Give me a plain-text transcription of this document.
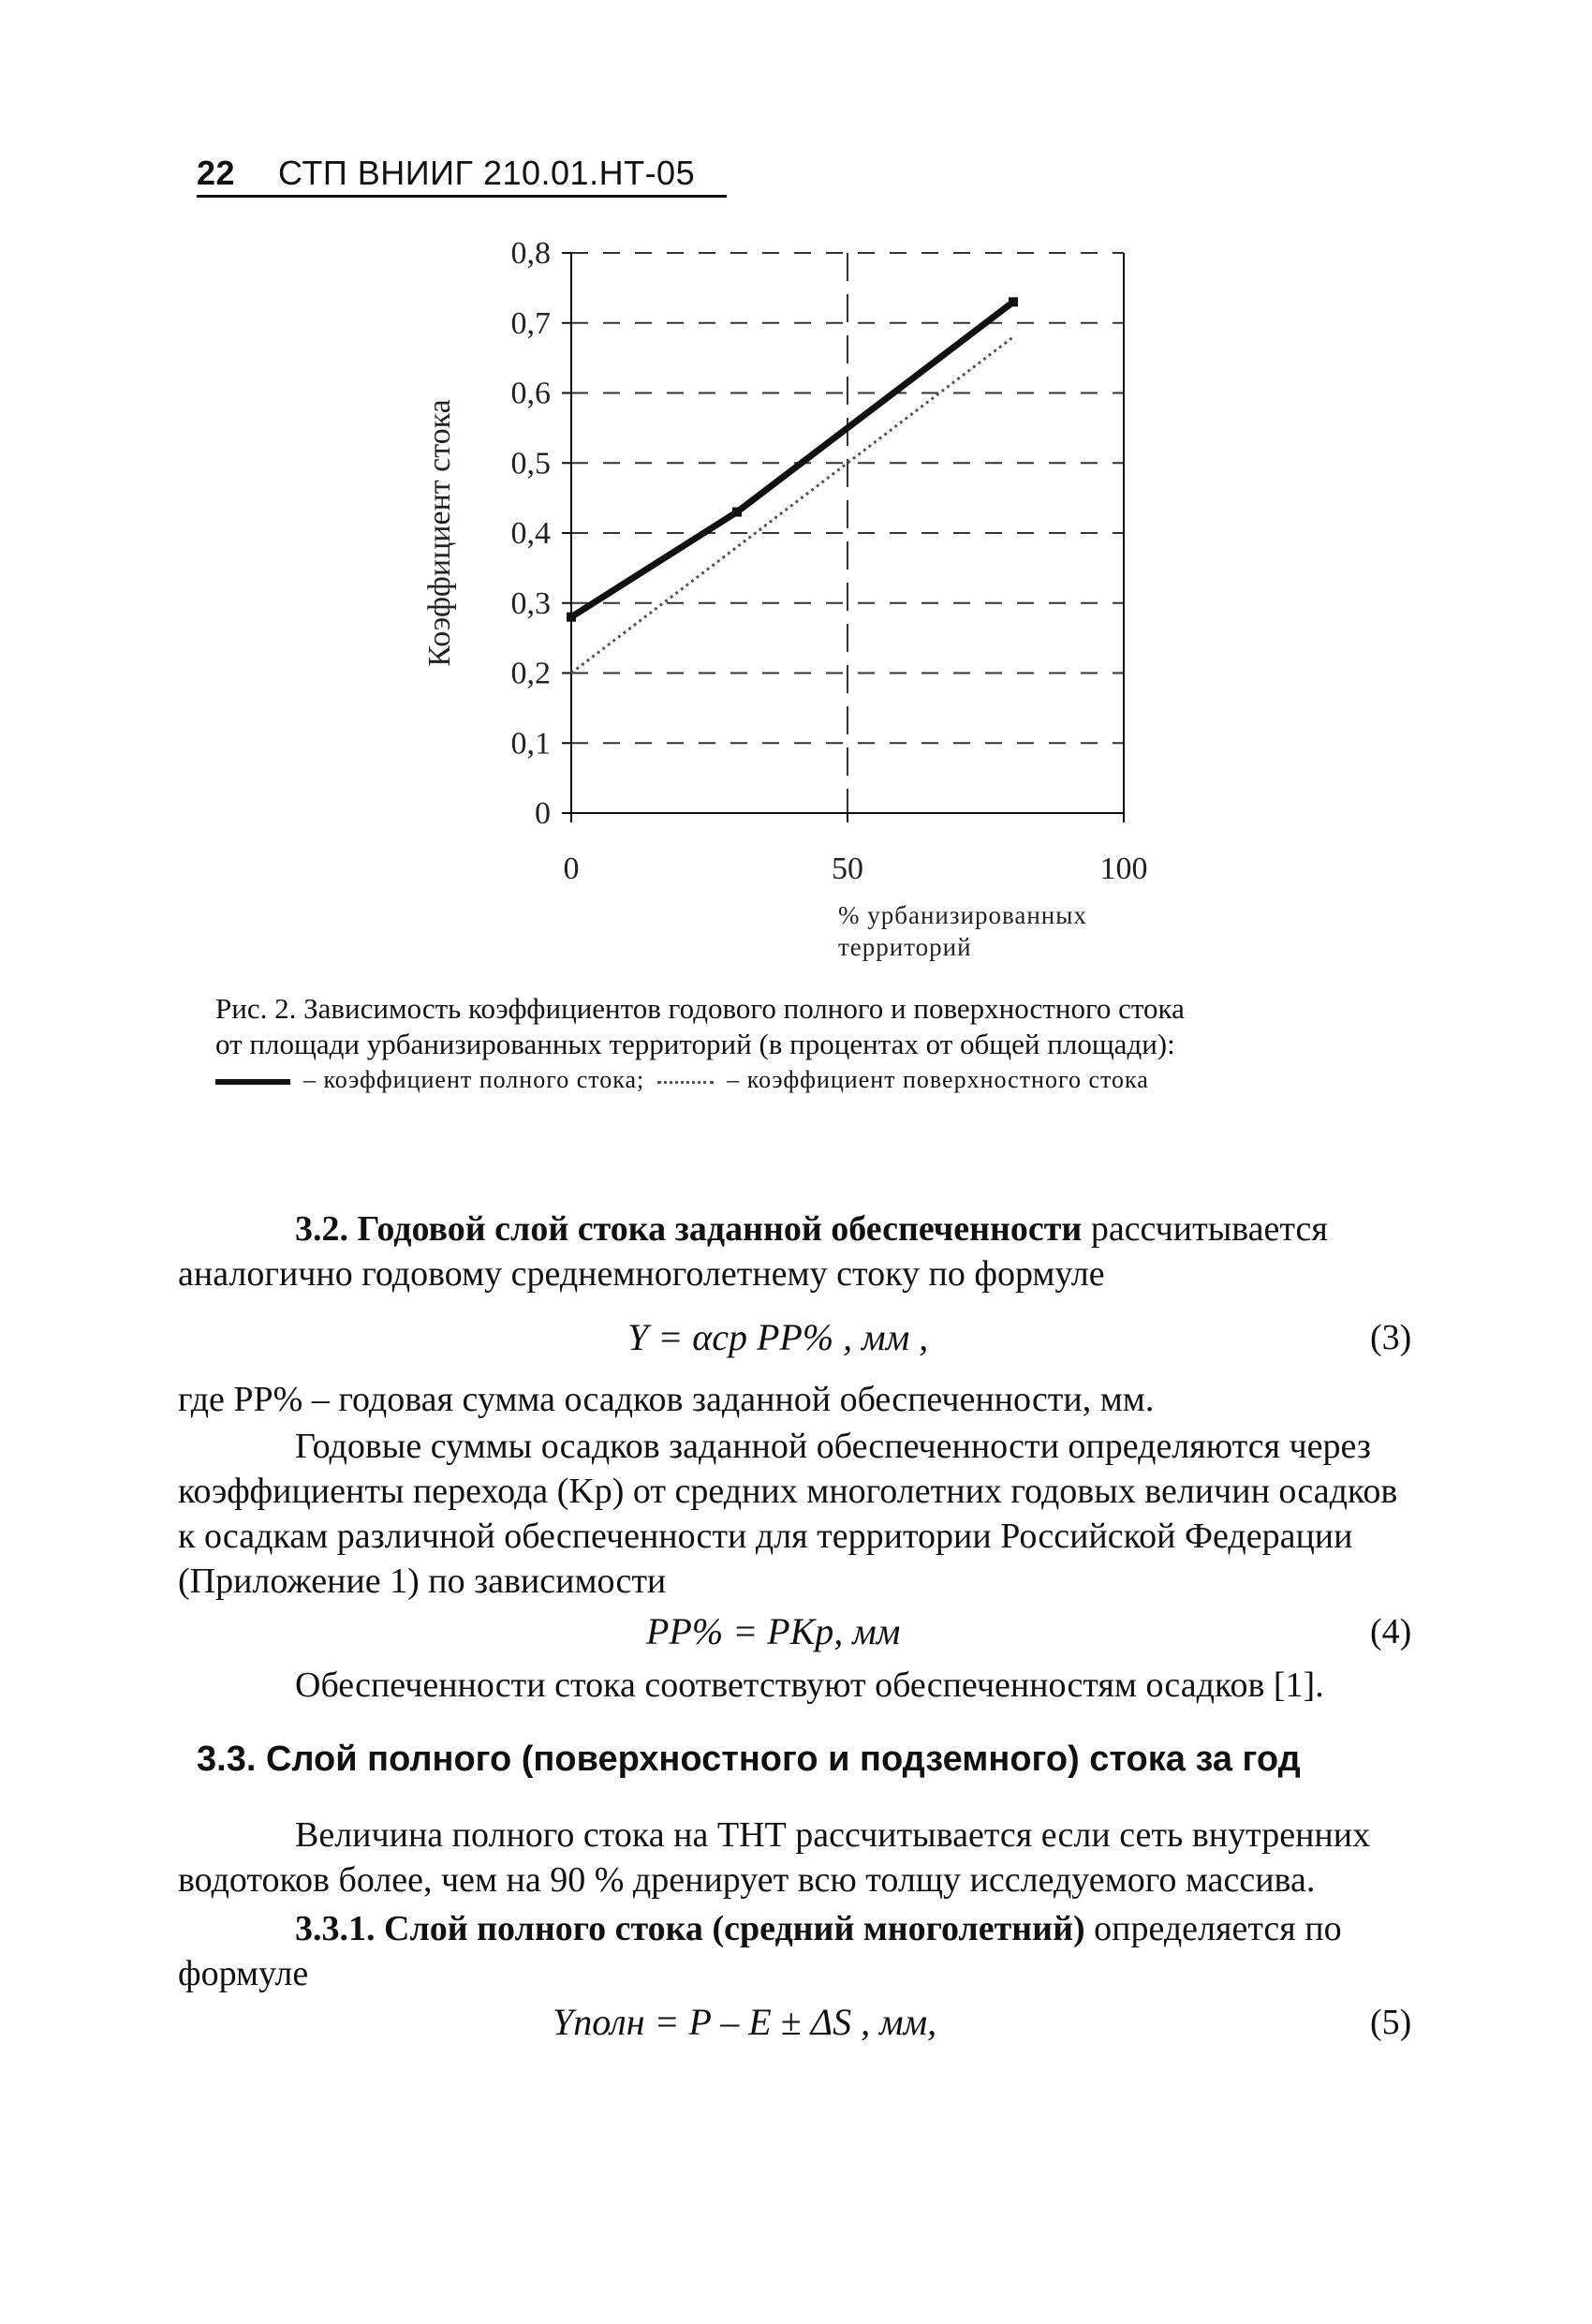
22 СТП ВНИИГ 210.01.НТ-05
0
0,1
0,2
0,3
0,4
0,5
0,6
0,7
0,8
0	50	100
Коэффициент стока
% урбанизированных
территорий
Рис. 2. Зависимость коэффициентов годового полного и поверхностного стока
от площади урбанизированных территорий (в процентах от общей площади):
– коэффициент полного стока;	– коэффициент поверхностного стока
3.2. Годовой слой стока заданной обеспеченности рассчитывается аналогично годовому среднемноголетнему стоку по формуле
Y = αср PP% , мм ,	(3)
где PP% – годовая сумма осадков заданной обеспеченности, мм.
Годовые суммы осадков заданной обеспеченности определяются через коэффициенты перехода (Kр) от средних многолетних годовых величин осадков к осадкам различной обеспеченности для территории Российской Федерации (Приложение 1) по зависимости
PP% = PKр, мм	(4)
Обеспеченности стока соответствуют обеспеченностям осадков [1].
3.3. Слой полного (поверхностного и подземного) стока за год
Величина полного стока на ТНТ рассчитывается если сеть внутренних водотоков более, чем на 90 % дренирует всю толщу исследуемого массива.
3.3.1. Слой полного стока (средний многолетний) определяется по формуле
Yполн = P – E ± ΔS , мм,	(5)
